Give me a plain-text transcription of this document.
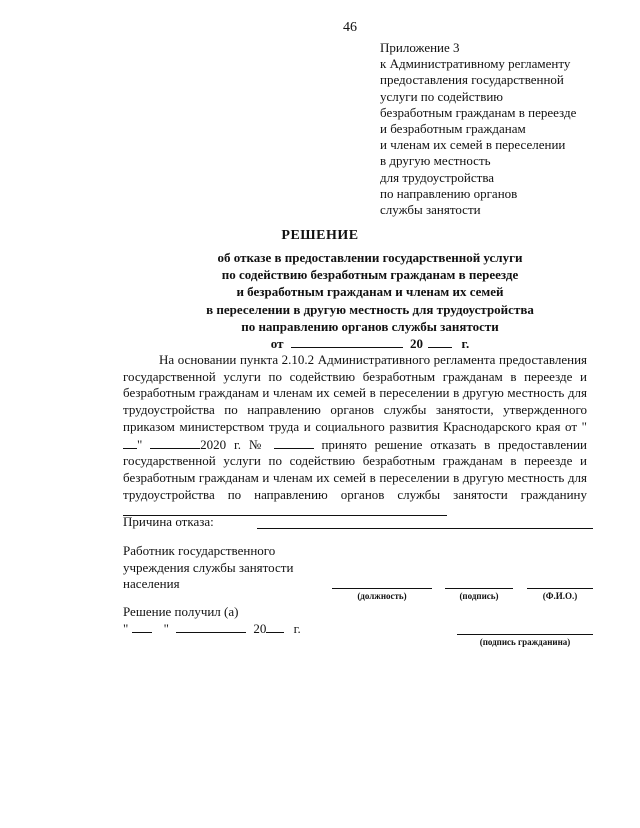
46
Приложение 3
к Административному регламенту
предоставления государственной
услуги по содействию
безработным гражданам в переезде
и безработным гражданам
и членам их семей в переселении
в другую местность
для трудоустройства
по направлению органов
службы занятости
РЕШЕНИЕ
об отказе в предоставлении государственной услуги
по содействию безработным гражданам в переезде
и безработным гражданам и членам их семей
в переселении в другую местность для трудоустройства
по направлению органов службы занятости
от	20	г.

На основании пункта 2.10.2 Административного регламента предоставления государственной услуги по содействию безработным гражданам в переезде и безработным гражданам и членам их семей в переселении в другую местность для трудоустройства по направлению органов службы занятости, утвержденного приказом министерством труда и социального развития Краснодарского края от ""	2020 г. №	принято решение отказать в предоставлении государственной услуги по содействию безработным гражданам в переезде и безработным гражданам и членам их семей в переселении в другую местность для трудоустройства по направлению органов службы занятости гражданину

Причина отказа:
Работник государственного
учреждения службы занятости
населения
(должность)	(подпись)	(Ф.И.О.)
Решение получил (а)
"	"	20 г.
(подпись гражданина)
